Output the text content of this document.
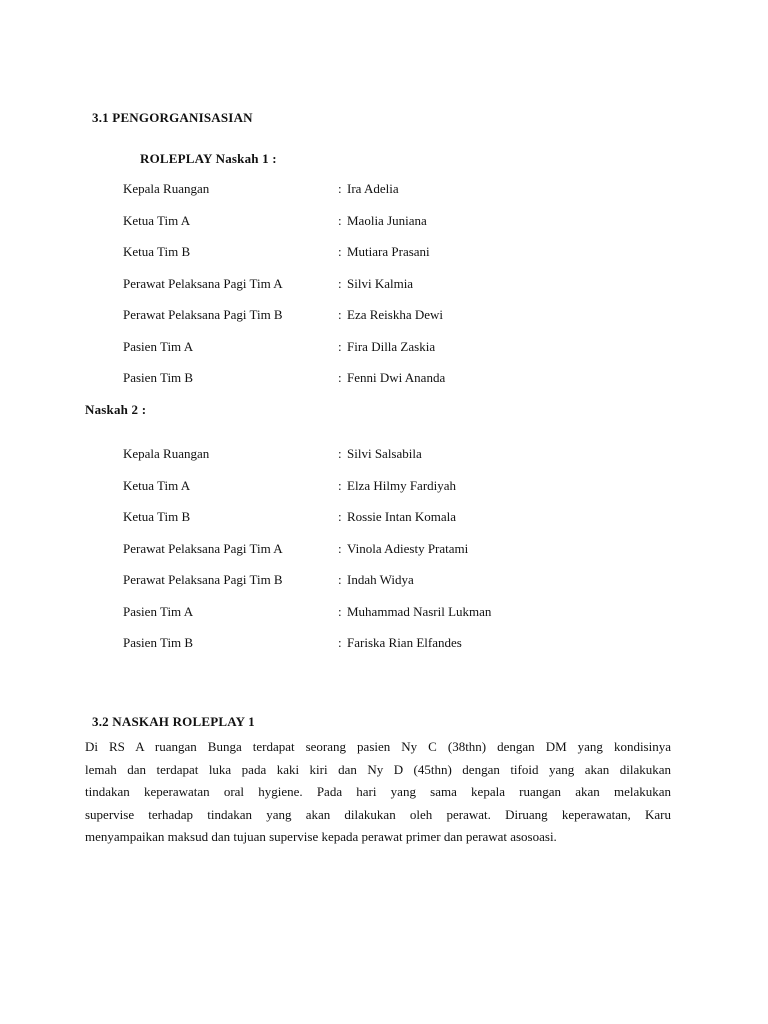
3.1 PENGORGANISASIAN
ROLEPLAY Naskah 1 :
Kepala Ruangan	: Ira Adelia
Ketua Tim A	: Maolia Juniana
Ketua Tim B	: Mutiara Prasani
Perawat Pelaksana Pagi Tim A	: Silvi Kalmia
Perawat Pelaksana Pagi Tim B	: Eza Reiskha Dewi
Pasien Tim A	: Fira Dilla Zaskia
Pasien Tim B	: Fenni Dwi Ananda
Naskah 2 :
Kepala Ruangan	: Silvi Salsabila
Ketua Tim A	: Elza Hilmy Fardiyah
Ketua Tim B	: Rossie Intan Komala
Perawat Pelaksana Pagi Tim A	: Vinola Adiesty Pratami
Perawat Pelaksana Pagi Tim B	: Indah Widya
Pasien Tim A	: Muhammad Nasril Lukman
Pasien Tim B	: Fariska Rian Elfandes
3.2 NASKAH ROLEPLAY 1
Di RS A ruangan Bunga terdapat seorang pasien Ny C (38thn) dengan DM yang kondisinya
lemah dan terdapat luka pada kaki kiri dan Ny D (45thn) dengan tifoid yang akan dilakukan
tindakan keperawatan oral hygiene. Pada hari yang sama kepala ruangan akan melakukan
supervise terhadap tindakan yang akan dilakukan oleh perawat. Diruang keperawatan, Karu
menyampaikan maksud dan tujuan supervise kepada perawat primer dan perawat asosoasi.
